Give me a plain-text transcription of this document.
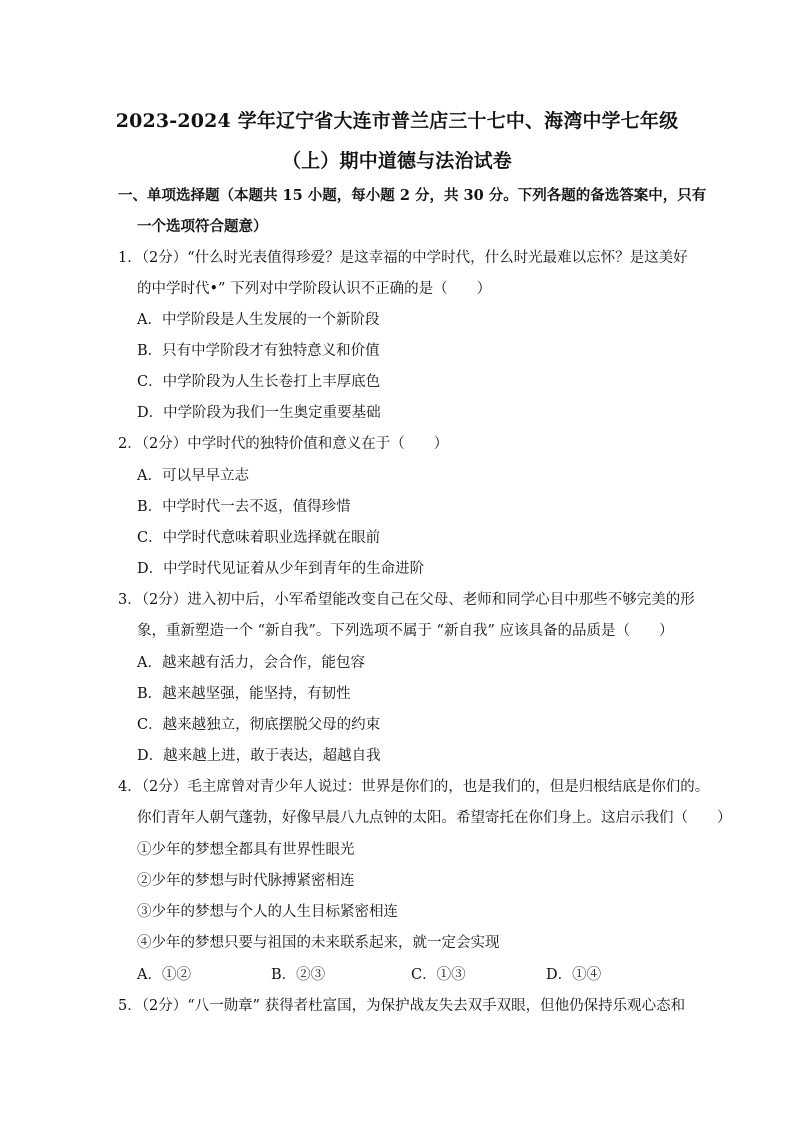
2023-2024 学年辽宁省大连市普兰店三十七中、海湾中学七年级
（上）期中道德与法治试卷
一、单项选择题（本题共 15 小题，每小题 2 分，共 30 分。下列各题的备选答案中，只有
一个选项符合题意）
1．（2分）“什么时光表值得珍爱？是这幸福的中学时代，什么时光最难以忘怀？是这美好
的中学时代•” 下列对中学阶段认识不正确的是（　　）
A．中学阶段是人生发展的一个新阶段
B．只有中学阶段才有独特意义和价值
C．中学阶段为人生长卷打上丰厚底色
D．中学阶段为我们一生奥定重要基础
2．（2分）中学时代的独特价值和意义在于（　　）
A．可以早早立志
B．中学时代一去不返，值得珍惜
C．中学时代意味着职业选择就在眼前
D．中学时代见证着从少年到青年的生命进阶
3．（2分）进入初中后，小军希望能改变自己在父母、老师和同学心目中那些不够完美的形
象，重新塑造一个 “新自我”。下列选项不属于 “新自我” 应该具备的品质是（　　）
A．越来越有活力，会合作，能包容
B．越来越坚强，能坚持，有韧性
C．越来越独立，彻底摆脱父母的约束
D．越来越上进，敢于表达，超越自我
4．（2分）毛主席曾对青少年人说过：世界是你们的，也是我们的，但是归根结底是你们的。
你们青年人朝气蓬勃，好像早晨八九点钟的太阳。希望寄托在你们身上。这启示我们（　　）
①少年的梦想全都具有世界性眼光
②少年的梦想与时代脉搏紧密相连
③少年的梦想与个人的人生目标紧密相连
④少年的梦想只要与祖国的未来联系起来，就一定会实现
A．①②	B．②③	C．①③	D．①④
5．（2分）“八一勋章” 获得者杜富国，为保护战友失去双手双眼，但他仍保持乐观心态和
